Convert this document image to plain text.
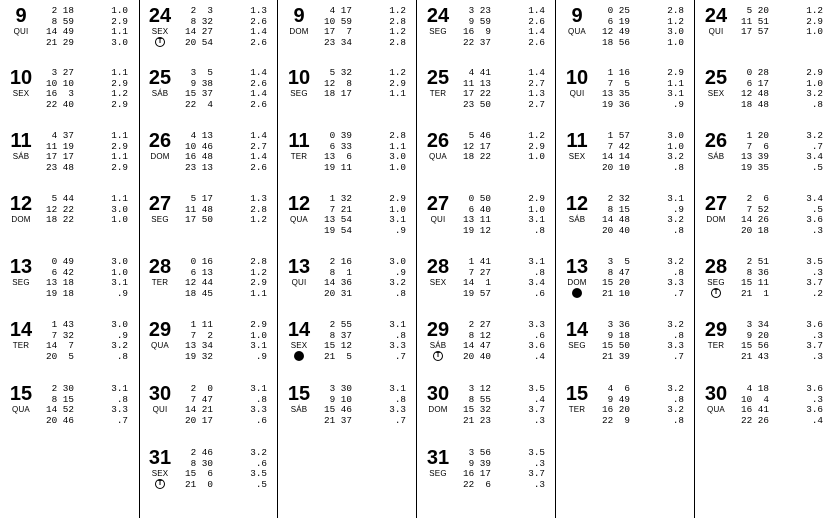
9
QUI
2 18	1.0
8 59	2.9
14 49	1.1
21 29	3.0
10
SEX
3 27	1.1
10 10	2.9
16  3	1.2
22 40	2.9
11
SÁB
4 37	1.1
11 19	2.9
17 17	1.1
23 48	2.9
12
DOM
5 44	1.1
12 22	3.0
18 22	1.0
13
SEG
0 49	3.0
6 42	1.0
13 18	3.1
19 18	.9
14
TER
1 43	3.0
7 32	.9
14  7	3.2
20  5	.8
15
QUA
2 30	3.1
8 15	.8
14 52	3.3
20 46	.7
24
SEX
T
2  3	1.3
8 32	2.6
14 27	1.4
20 54	2.6
25
SÁB
3  5	1.4
9 38	2.6
15 37	1.4
22  4	2.6
26
DOM
4 13	1.4
10 46	2.7
16 48	1.4
23 13	2.6
27
SEG
5 17	1.3
11 48	2.8
17 50	1.2
28
TER
0 16	2.8
6 13	1.2
12 44	2.9
18 45	1.1
29
QUA
1 11	2.9
7  2	1.0
13 34	3.1
19 32	.9
30
QUI
2  0	3.1
7 47	.8
14 21	3.3
20 17	.6
31
SEX
T
2 46	3.2
8 30	.6
15  6	3.5
21  0	.5
9
DOM
4 17	1.2
10 59	2.8
17  7	1.2
23 34	2.8
10
SEG
5 32	1.2
12  8	2.9
18 17	1.1
11
TER
0 39	2.8
6 33	1.1
13  6	3.0
19 11	1.0
12
QUA
1 32	2.9
7 21	1.0
13 54	3.1
19 54	.9
13
QUI
2 16	3.0
8  1	.9
14 36	3.2
20 31	.8
14
SEX
2 55	3.1
8 37	.8
15 12	3.3
21  5	.7
15
SÁB
3 30	3.1
9 10	.8
15 46	3.3
21 37	.7
24
SEG
3 23	1.4
9 59	2.6
16  9	1.4
22 37	2.6
25
TER
4 41	1.4
11 13	2.7
17 22	1.3
23 50	2.7
26
QUA
5 46	1.2
12 17	2.9
18 22	1.0
27
QUI
0 50	2.9
6 40	1.0
13 11	3.1
19 12	.8
28
SEX
1 41	3.1
7 27	.8
14  1	3.4
19 57	.6
29
SÁB
T
2 27	3.3
8 12	.6
14 47	3.6
20 40	.4
30
DOM
3 12	3.5
8 55	.4
15 32	3.7
21 23	.3
31
SEG
3 56	3.5
9 39	.3
16 17	3.7
22  6	.3
9
QUA
0 25	2.8
6 19	1.2
12 49	3.0
18 56	1.0
10
QUI
1 16	2.9
7  5	1.1
13 35	3.1
19 36	.9
11
SEX
1 57	3.0
7 42	1.0
14 14	3.2
20 10	.8
12
SÁB
2 32	3.1
8 15	.9
14 48	3.2
20 40	.8
13
DOM
3  5	3.2
8 47	.8
15 20	3.3
21 10	.7
14
SEG
3 36	3.2
9 18	.8
15 50	3.3
21 39	.7
15
TER
4  6	3.2
9 49	.8
16 20	3.2
22  9	.8
24
QUI
5 20	1.2
11 51	2.9
17 57	1.0
25
SEX
0 28	2.9
6 17	1.0
12 48	3.2
18 48	.8
26
SÁB
1 20	3.2
7  6	.7
13 39	3.4
19 35	.5
27
DOM
2  6	3.4
7 52	.5
14 26	3.6
20 18	.3
28
SEG
T
2 51	3.5
8 36	.3
15 11	3.7
21  1	.2
29
TER
3 34	3.6
9 20	.3
15 56	3.7
21 43	.3
30
QUA
4 18	3.6
10  4	.3
16 41	3.6
22 26	.4
